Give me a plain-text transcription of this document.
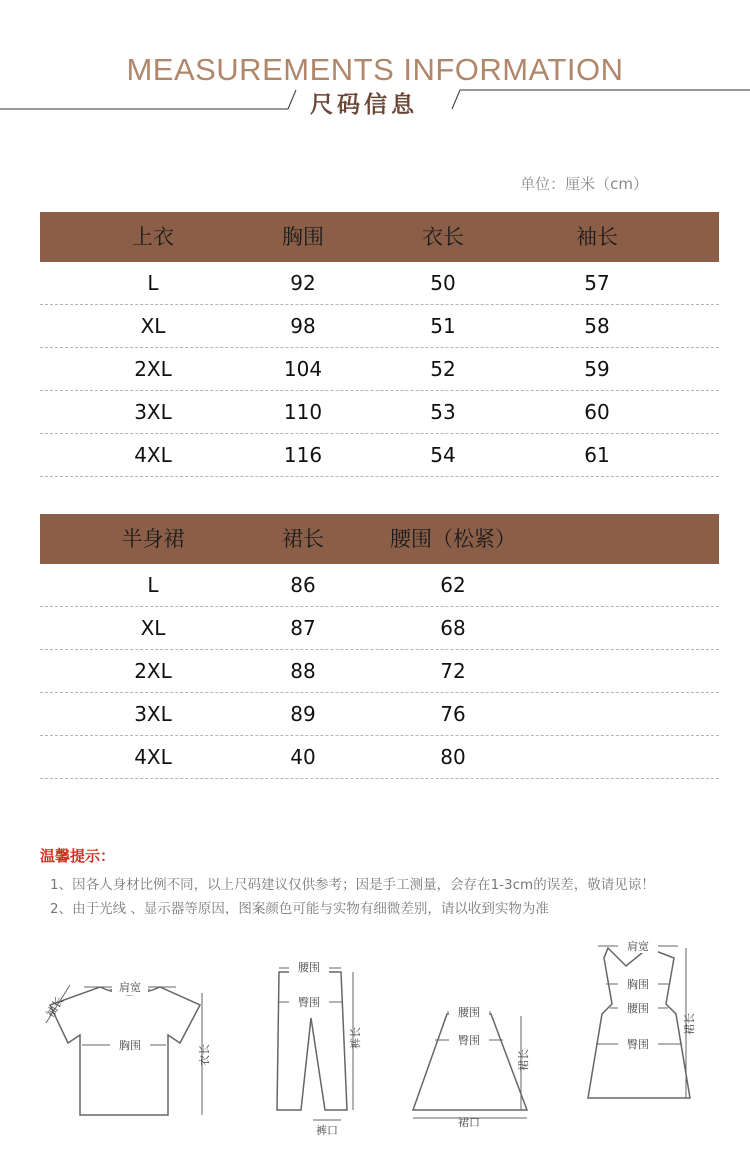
MEASUREMENTS INFORMATION
尺码信息
单位：厘米（cm）
上衣	胸围	衣长	袖长
L	92	50	57
XL	98	51	58
2XL	104	52	59
3XL	110	53	60
4XL	116	54	61
半身裙	裙长	腰围（松紧）
L	86	62
XL	87	68
2XL	88	72
3XL	89	76
4XL	40	80
温馨提示：
1、因各人身材比例不同，以上尺码建议仅供参考；因是手工测量，会存在1-3cm的误差，敬请见谅！
2、由于光线 、显示器等原因，图案颜色可能与实物有细微差别，请以收到实物为准
肩宽
胸围	衣长
袖长
腰围
臀围
裤长
裤口
腰围
臀围
裙长
裙口
肩宽
胸围
腰围
臀围
裙长
